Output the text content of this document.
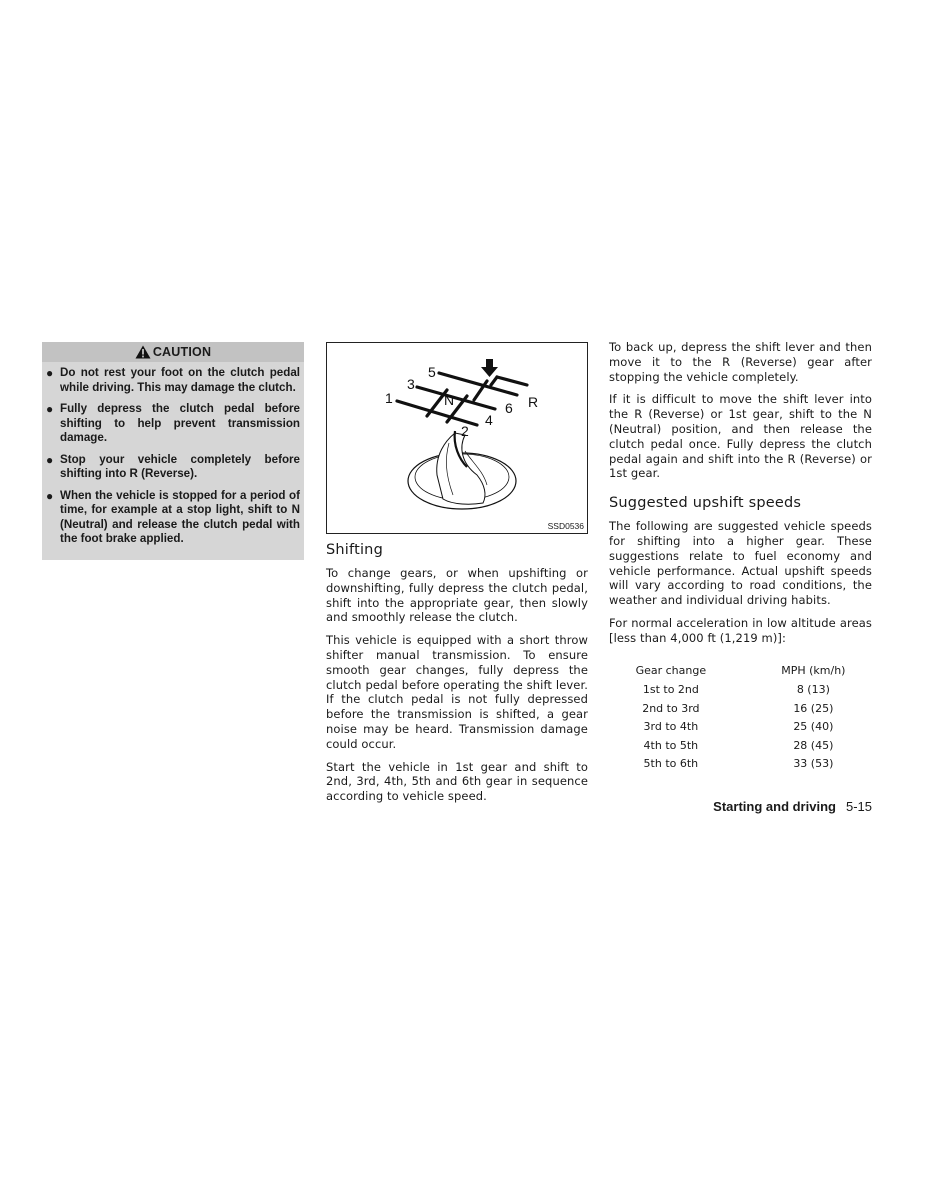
CAUTION
● Do not rest your foot on the clutch pedal while driving. This may damage the clutch.
● Fully depress the clutch pedal before shifting to help prevent transmission damage.
● Stop your vehicle completely before shifting into R (Reverse).
● When the vehicle is stopped for a period of time, for example at a stop light, shift to N (Neutral) and release the clutch pedal with the foot brake applied.
1
2
3
4
5
6
N	R
SSD0536
Shifting

To change gears, or when upshifting or downshifting, fully depress the clutch pedal, shift into the appropriate gear, then slowly and smoothly release the clutch.

This vehicle is equipped with a short throw shifter manual transmission. To ensure smooth gear changes, fully depress the clutch pedal before operating the shift lever. If the clutch pedal is not fully depressed before the transmission is shifted, a gear noise may be heard. Transmission damage could occur.

Start the vehicle in 1st gear and shift to 2nd, 3rd, 4th, 5th and 6th gear in sequence according to vehicle speed.

To back up, depress the shift lever and then move it to the R (Reverse) gear after stopping the vehicle completely.

If it is difficult to move the shift lever into the R (Reverse) or 1st gear, shift to the N (Neutral) position, and then release the clutch pedal once. Fully depress the clutch pedal again and shift into the R (Reverse) or 1st gear.

Suggested upshift speeds

The following are suggested vehicle speeds for shifting into a higher gear. These suggestions relate to fuel economy and vehicle performance. Actual upshift speeds will vary according to road conditions, the weather and individual driving habits.

For normal acceleration in low altitude areas [less than 4,000 ft (1,219 m)]:

Gear change	MPH (km/h)
1st to 2nd	8 (13)
2nd to 3rd	16 (25)
3rd to 4th	25 (40)
4th to 5th	28 (45)
5th to 6th	33 (53)
Starting and driving 5-15
